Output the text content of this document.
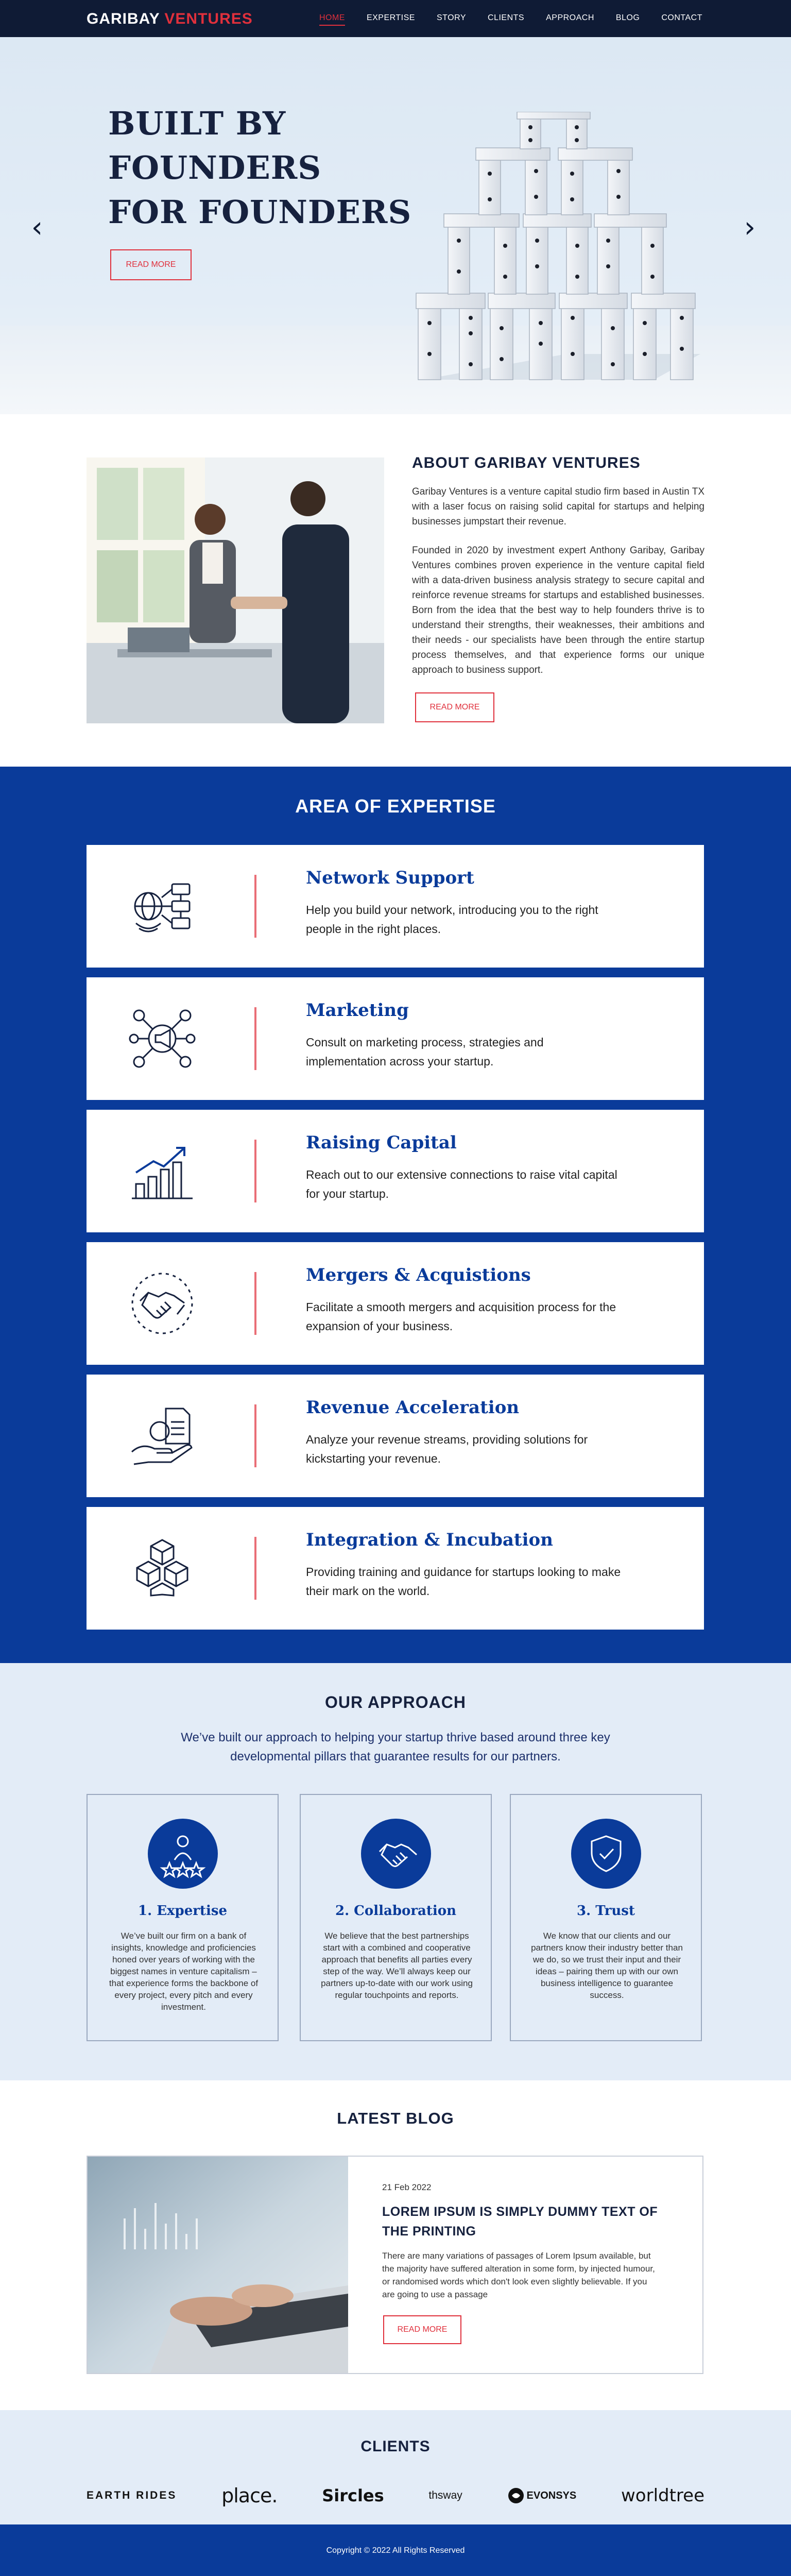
GARIBAY VENTURES	HOME	EXPERTISE	STORY	CLIENTS	APPROACH	BLOG	CONTACT
BUILT BY
FOUNDERS
FOR FOUNDERS
READ MORE
‹	›
ABOUT GARIBAY VENTURES

Garibay Ventures is a venture capital studio firm based in Austin TX with a laser focus on raising solid capital for startups and helping businesses jumpstart their revenue.

Founded in 2020 by investment expert Anthony Garibay, Garibay Ventures combines proven experience in the venture capital field with a data-driven business analysis strategy to secure capital and reinforce revenue streams for startups and established businesses. Born from the idea that the best way to help founders thrive is to understand their strengths, their weaknesses, their ambitions and their needs - our specialists have been through the entire startup process themselves, and that experience forms our unique approach to business support.

READ MORE
AREA OF EXPERTISE
Network Support

Help you build your network, introducing you to the right people in the right places.

Marketing

Consult on marketing process, strategies and implementation across your startup.

Raising Capital

Reach out to our extensive connections to raise vital capital for your startup.

Mergers & Acquistions

Facilitate a smooth mergers and acquisition process for the expansion of your business.

Revenue Acceleration

Analyze your revenue streams, providing solutions for kickstarting your revenue.

Integration & Incubation

Providing training and guidance for startups looking to make their mark on the world.

OUR APPROACH

We’ve built our approach to helping your startup thrive based around three key developmental pillars that guarantee results for our partners.

1. Expertise

We’ve built our firm on a bank of insights, knowledge and proficiencies honed over years of working with the biggest names in venture capitalism – that experience forms the backbone of every project, every pitch and every investment.

2. Collaboration

We believe that the best partnerships start with a combined and cooperative approach that benefits all parties every step of the way. We’ll always keep our partners up-to-date with our work using regular touchpoints and reports.

3. Trust

We know that our clients and our partners know their industry better than we do, so we trust their input and their ideas – pairing them up with our own business intelligence to guarantee success.

LATEST BLOG

21 Feb 2022

LOREM IPSUM IS SIMPLY DUMMY TEXT OF THE PRINTING

There are many variations of passages of Lorem Ipsum available, but the majority have suffered alteration in some form, by injected humour, or randomised words which don't look even slightly believable. If you are going to use a passage

READ MORE
CLIENTS
EARTH RIDES place.	Sircles	thsway	EVONSYS	worldtree

Copyright © 2022 All Rights Reserved
